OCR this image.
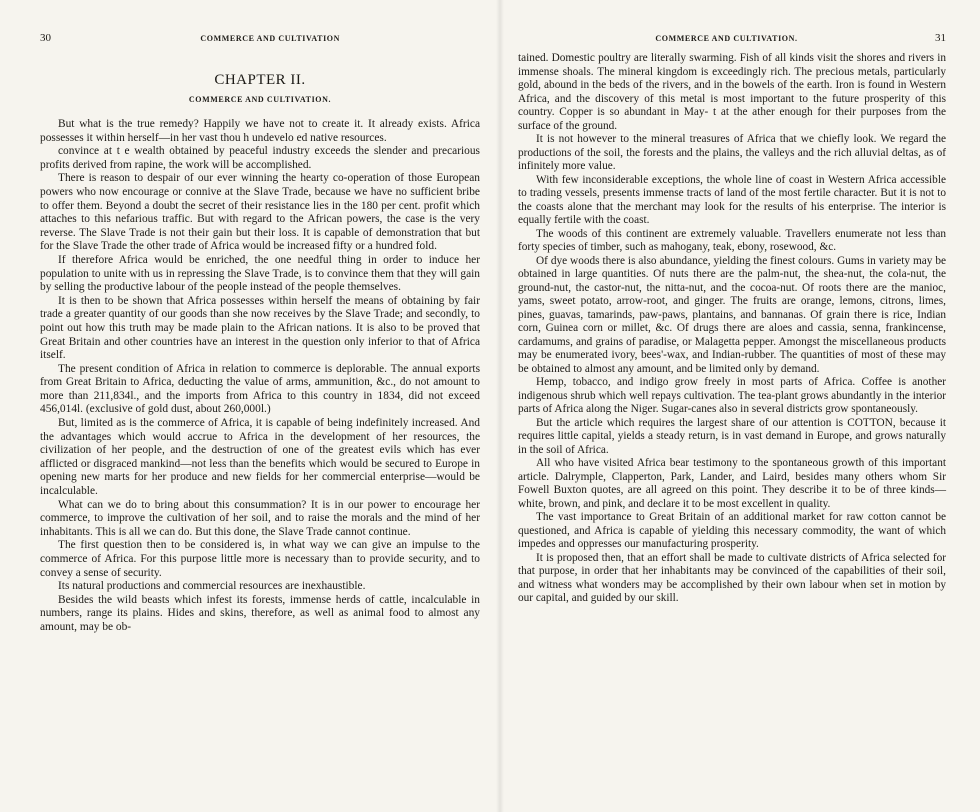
30	COMMERCE AND CULTIVATION
CHAPTER II.
COMMERCE AND CULTIVATION.

But what is the true remedy? Happily we have not to create it. It already exists. Africa possesses it within herself—in her vast thou h undevelo ed native resources.

convince at t e wealth obtained by peaceful industry exceeds the slender and precarious profits derived from rapine, the work will be accomplished.

There is reason to despair of our ever winning the hearty co-operation of those European powers who now encourage or connive at the Slave Trade, because we have no sufficient bribe to offer them. Beyond a doubt the secret of their resistance lies in the 180 per cent. profit which attaches to this nefarious traffic. But with regard to the African powers, the case is the very reverse. The Slave Trade is not their gain but their loss. It is capable of demonstration that but for the Slave Trade the other trade of Africa would be increased fifty or a hundred fold.

If therefore Africa would be enriched, the one needful thing in order to induce her population to unite with us in repressing the Slave Trade, is to convince them that they will gain by selling the productive labour of the people instead of the people themselves.

It is then to be shown that Africa possesses within herself the means of obtaining by fair trade a greater quantity of our goods than she now receives by the Slave Trade; and secondly, to point out how this truth may be made plain to the African nations. It is also to be proved that Great Britain and other countries have an interest in the question only inferior to that of Africa itself.

The present condition of Africa in relation to commerce is deplorable. The annual exports from Great Britain to Africa, deducting the value of arms, ammunition, &c., do not amount to more than 211,834l., and the imports from Africa to this country in 1834, did not exceed 456,014l. (exclusive of gold dust, about 260,000l.)

But, limited as is the commerce of Africa, it is capable of being indefinitely increased. And the advantages which would accrue to Africa in the development of her resources, the civilization of her people, and the destruction of one of the greatest evils which has ever afflicted or disgraced mankind—not less than the benefits which would be secured to Europe in opening new marts for her produce and new fields for her commercial enterprise—would be incalculable.

What can we do to bring about this consummation? It is in our power to encourage her commerce, to improve the cultivation of her soil, and to raise the morals and the mind of her inhabitants. This is all we can do. But this done, the Slave Trade cannot continue.

The first question then to be considered is, in what way we can give an impulse to the commerce of Africa. For this purpose little more is necessary than to provide security, and to convey a sense of security.

Its natural productions and commercial resources are inexhaustible.

Besides the wild beasts which infest its forests, immense herds of cattle, incalculable in numbers, range its plains. Hides and skins, therefore, as well as animal food to almost any amount, may be ob-

COMMERCE AND CULTIVATION.	31

tained. Domestic poultry are literally swarming. Fish of all kinds visit the shores and rivers in immense shoals. The mineral kingdom is exceedingly rich. The precious metals, particularly gold, abound in the beds of the rivers, and in the bowels of the earth. Iron is found in Western Africa, and the discovery of this metal is most important to the future prosperity of this country. Copper is so abundant in May- t at the ather enough for their purposes from the surface of the ground.

It is not however to the mineral treasures of Africa that we chiefly look. We regard the productions of the soil, the forests and the plains, the valleys and the rich alluvial deltas, as of infinitely more value.

With few inconsiderable exceptions, the whole line of coast in Western Africa accessible to trading vessels, presents immense tracts of land of the most fertile character. But it is not to the coasts alone that the merchant may look for the results of his enterprise. The interior is equally fertile with the coast.

The woods of this continent are extremely valuable. Travellers enumerate not less than forty species of timber, such as mahogany, teak, ebony, rosewood, &c.

Of dye woods there is also abundance, yielding the finest colours. Gums in variety may be obtained in large quantities. Of nuts there are the palm-nut, the shea-nut, the cola-nut, the ground-nut, the castor-nut, the nitta-nut, and the cocoa-nut. Of roots there are the manioc, yams, sweet potato, arrow-root, and ginger. The fruits are orange, lemons, citrons, limes, pines, guavas, tamarinds, paw-paws, plantains, and bannanas. Of grain there is rice, Indian corn, Guinea corn or millet, &c. Of drugs there are aloes and cassia, senna, frankincense, cardamums, and grains of paradise, or Malagetta pepper. Amongst the miscellaneous products may be enumerated ivory, bees'-wax, and Indian-rubber. The quantities of most of these may be obtained to almost any amount, and be limited only by demand.

Hemp, tobacco, and indigo grow freely in most parts of Africa. Coffee is another indigenous shrub which well repays cultivation. The tea-plant grows abundantly in the interior parts of Africa along the Niger. Sugar-canes also in several districts grow spontaneously.

But the article which requires the largest share of our attention is COTTON, because it requires little capital, yields a steady return, is in vast demand in Europe, and grows naturally in the soil of Africa.

All who have visited Africa bear testimony to the spontaneous growth of this important article. Dalrymple, Clapperton, Park, Lander, and Laird, besides many others whom Sir Fowell Buxton quotes, are all agreed on this point. They describe it to be of three kinds—white, brown, and pink, and declare it to be most excellent in quality.

The vast importance to Great Britain of an additional market for raw cotton cannot be questioned, and Africa is capable of yielding this necessary commodity, the want of which impedes and oppresses our manufacturing prosperity.

It is proposed then, that an effort shall be made to cultivate districts of Africa selected for that purpose, in order that her inhabitants may be convinced of the capabilities of their soil, and witness what wonders may be accomplished by their own labour when set in motion by our capital, and guided by our skill.
